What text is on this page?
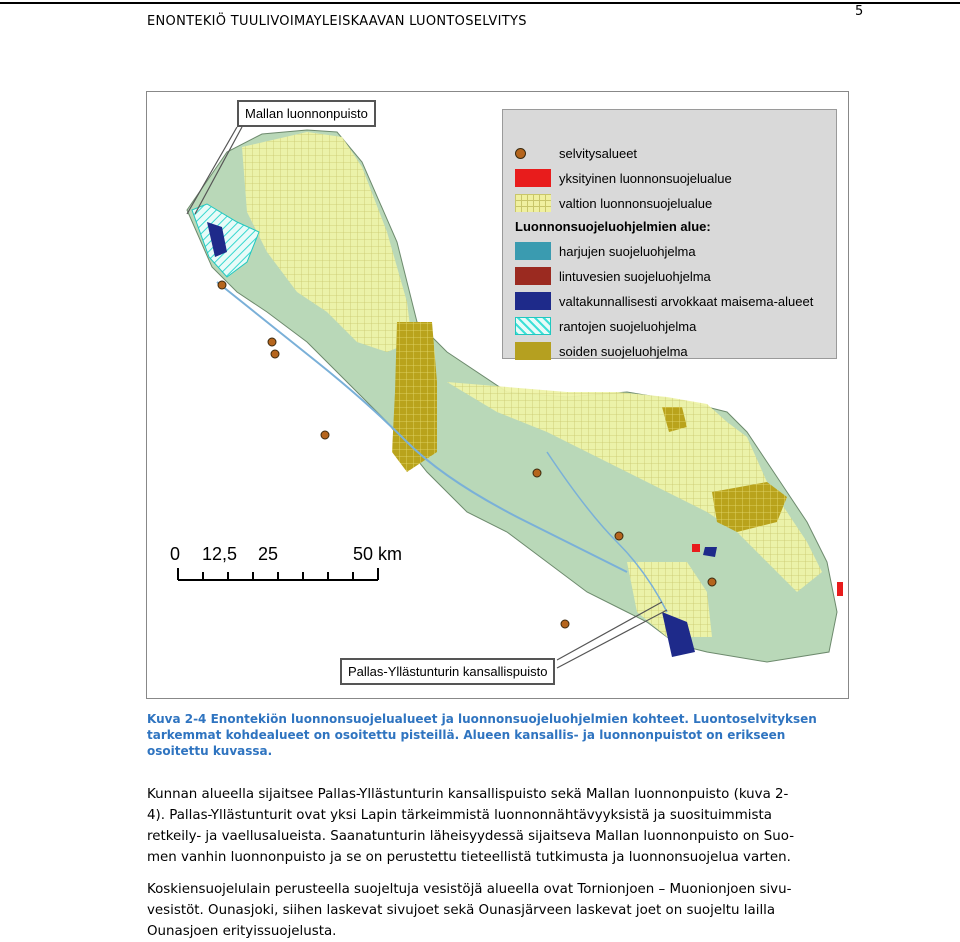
ENONTEKIÖ TUULIVOIMAYLEISKAAVAN LUONTOSELVITYS
5
Mallan luonnonpuisto
Pallas-Yllästunturin kansallispuisto
0 12,5 25	50 km
selvitysalueet
yksityinen luonnonsuojelualue
valtion luonnonsuojelualue
Luonnonsuojeluohjelmien alue:
harjujen suojeluohjelma
lintuvesien suojeluohjelma
valtakunnallisesti arvokkaat maisema-alueet
rantojen suojeluohjelma
soiden suojeluohjelma
Kuva 2-4 Enontekiön luonnonsuojelualueet ja luonnonsuojeluohjelmien kohteet. Luontoselvityksen tarkemmat kohdealueet on osoitettu pisteillä. Alueen kansallis- ja luonnonpuistot on erikseen osoitettu kuvassa.
Kunnan alueella sijaitsee Pallas-Yllästunturin kansallispuisto sekä Mallan luonnonpuisto (kuva 2-
4). Pallas-Yllästunturit ovat yksi Lapin tärkeimmistä luonnonnähtävyyksistä ja suosituimmista
retkeily- ja vaellusalueista. Saanatunturin läheisyydessä sijaitseva Mallan luonnonpuisto on Suo-
men vanhin luonnonpuisto ja se on perustettu tieteellistä tutkimusta ja luonnonsuojelua varten.
Koskiensuojelulain perusteella suojeltuja vesistöjä alueella ovat Tornionjoen – Muonionjoen sivu-
vesistöt. Ounasjoki, siihen laskevat sivujoet sekä Ounasjärveen laskevat joet on suojeltu lailla
Ounasjoen erityissuojelusta.
